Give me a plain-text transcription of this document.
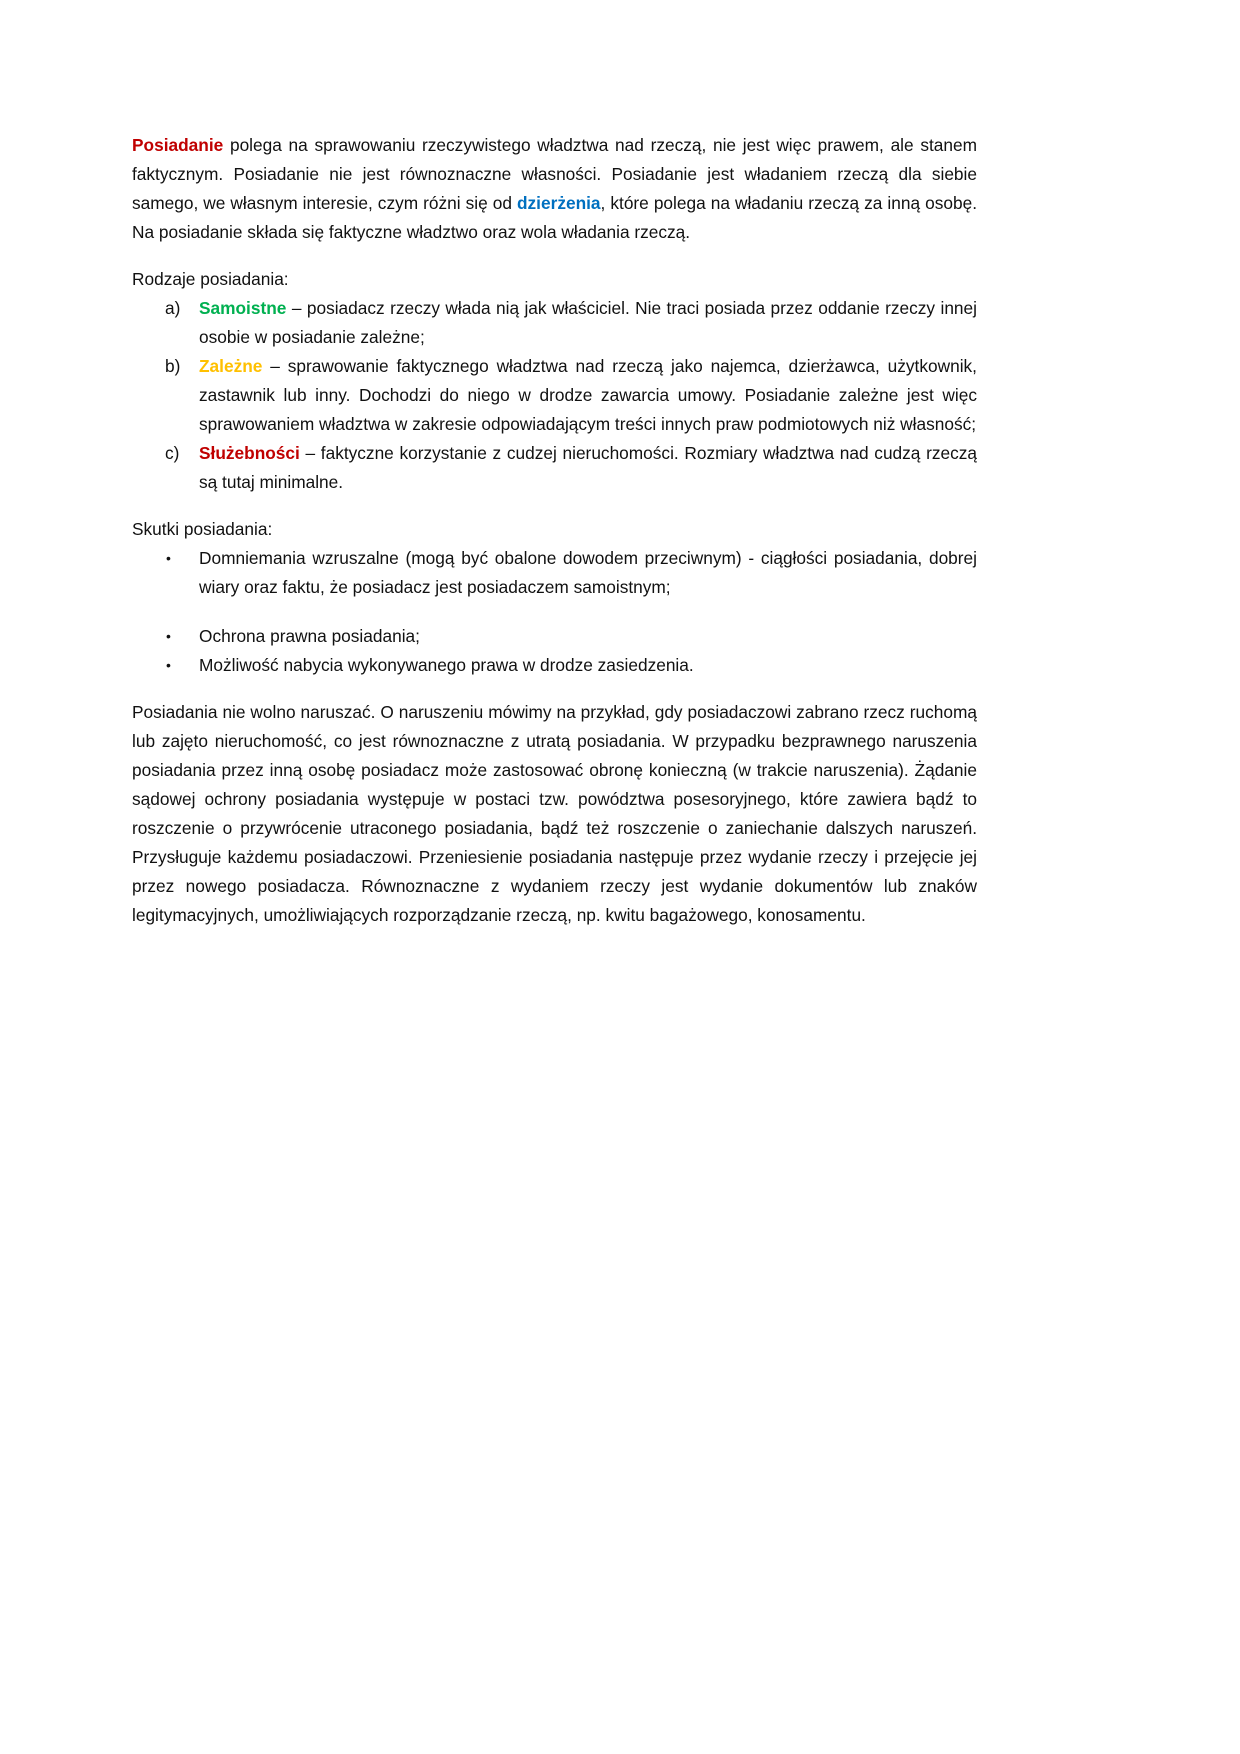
Posiadanie polega na sprawowaniu rzeczywistego władztwa nad rzeczą, nie jest więc prawem, ale stanem faktycznym. Posiadanie nie jest równoznaczne własności. Posiadanie jest władaniem rzeczą dla siebie samego, we własnym interesie, czym różni się od dzierżenia, które polega na władaniu rzeczą za inną osobę. Na posiadanie składa się faktyczne władztwo oraz wola władania rzeczą.

Rodzaje posiadania:

a) Samoistne – posiadacz rzeczy włada nią jak właściciel. Nie traci posiada przez oddanie rzeczy innej osobie w posiadanie zależne;
b) Zależne – sprawowanie faktycznego władztwa nad rzeczą jako najemca, dzierżawca, użytkownik, zastawnik lub inny. Dochodzi do niego w drodze zawarcia umowy. Posiadanie zależne jest więc sprawowaniem władztwa w zakresie odpowiadającym treści innych praw podmiotowych niż własność;
c) Służebności – faktyczne korzystanie z cudzej nieruchomości. Rozmiary władztwa nad cudzą rzeczą są tutaj minimalne.

Skutki posiadania:

• Domniemania wzruszalne (mogą być obalone dowodem przeciwnym) - ciągłości posiadania, dobrej wiary oraz faktu, że posiadacz jest posiadaczem samoistnym;
• Ochrona prawna posiadania;
• Możliwość nabycia wykonywanego prawa w drodze zasiedzenia.

Posiadania nie wolno naruszać. O naruszeniu mówimy na przykład, gdy posiadaczowi zabrano rzecz ruchomą lub zajęto nieruchomość, co jest równoznaczne z utratą posiadania. W przypadku bezprawnego naruszenia posiadania przez inną osobę posiadacz może zastosować obronę konieczną (w trakcie naruszenia). Żądanie sądowej ochrony posiadania występuje w postaci tzw. powództwa posesoryjnego, które zawiera bądź to roszczenie o przywrócenie utraconego posiadania, bądź też roszczenie o zaniechanie dalszych naruszeń. Przysługuje każdemu posiadaczowi. Przeniesienie posiadania następuje przez wydanie rzeczy i przejęcie jej przez nowego posiadacza. Równoznaczne z wydaniem rzeczy jest wydanie dokumentów lub znaków legitymacyjnych, umożliwiających rozporządzanie rzeczą, np. kwitu bagażowego, konosamentu.
